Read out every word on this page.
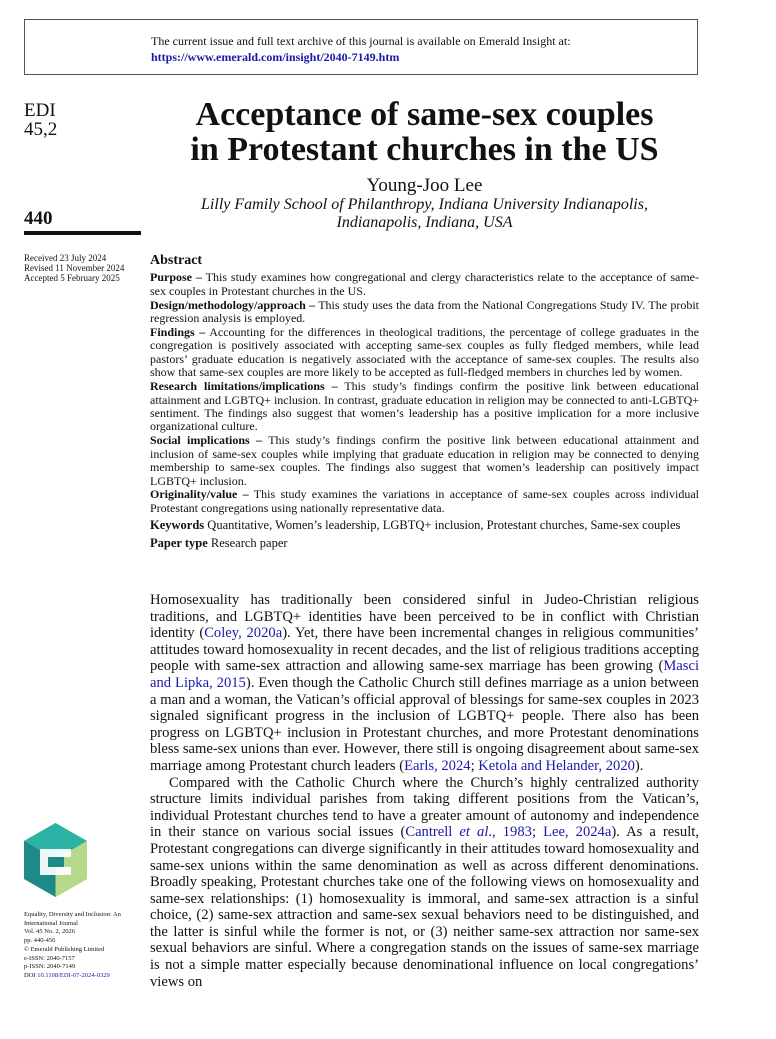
The current issue and full text archive of this journal is available on Emerald Insight at:
https://www.emerald.com/insight/2040-7149.htm
EDI
45,2
440
Received 23 July 2024
Revised 11 November 2024
Accepted 5 February 2025
Acceptance of same-sex couples
in Protestant churches in the US
Young-Joo Lee
Lilly Family School of Philanthropy, Indiana University Indianapolis,
Indianapolis, Indiana, USA
Abstract

Purpose – This study examines how congregational and clergy characteristics relate to the acceptance of same-sex couples in Protestant churches in the US.

Design/methodology/approach – This study uses the data from the National Congregations Study IV. The probit regression analysis is employed.

Findings – Accounting for the differences in theological traditions, the percentage of college graduates in the congregation is positively associated with accepting same-sex couples as fully fledged members, while lead pastors’ graduate education is negatively associated with the acceptance of same-sex couples. The results also show that same-sex couples are more likely to be accepted as full-fledged members in churches led by women.

Research limitations/implications – This study’s findings confirm the positive link between educational attainment and LGBTQ+ inclusion. In contrast, graduate education in religion may be connected to anti-LGBTQ+ sentiment. The findings also suggest that women’s leadership has a positive implication for a more inclusive organizational culture.

Social implications – This study’s findings confirm the positive link between educational attainment and inclusion of same-sex couples while implying that graduate education in religion may be connected to denying membership to same-sex couples. The findings also suggest that women’s leadership can positively impact LGBTQ+ inclusion.

Originality/value – This study examines the variations in acceptance of same-sex couples across individual Protestant congregations using nationally representative data.

Keywords Quantitative, Women’s leadership, LGBTQ+ inclusion, Protestant churches, Same-sex couples

Paper type Research paper

Homosexuality has traditionally been considered sinful in Judeo-Christian religious traditions, and LGBTQ+ identities have been perceived to be in conflict with Christian identity (Coley, 2020a). Yet, there have been incremental changes in religious communities’ attitudes toward homosexuality in recent decades, and the list of religious traditions accepting people with same-sex attraction and allowing same-sex marriage has been growing (Masci and Lipka, 2015). Even though the Catholic Church still defines marriage as a union between a man and a woman, the Vatican’s official approval of blessings for same-sex couples in 2023 signaled significant progress in the inclusion of LGBTQ+ people. There also has been progress on LGBTQ+ inclusion in Protestant churches, and more Protestant denominations bless same-sex unions than ever. However, there still is ongoing disagreement about same-sex marriage among Protestant church leaders (Earls, 2024; Ketola and Helander, 2020).

Compared with the Catholic Church where the Church’s highly centralized authority structure limits individual parishes from taking different positions from the Vatican’s, individual Protestant churches tend to have a greater amount of autonomy and independence in their stance on various social issues (Cantrell et al., 1983; Lee, 2024a). As a result, Protestant congregations can diverge significantly in their attitudes toward homosexuality and same-sex unions within the same denomination as well as across different denominations. Broadly speaking, Protestant churches take one of the following views on homosexuality and same-sex relationships: (1) homosexuality is immoral, and same-sex attraction is a sinful choice, (2) same-sex attraction and same-sex sexual behaviors need to be distinguished, and the latter is sinful while the former is not, or (3) neither same-sex attraction nor same-sex sexual behaviors are sinful. Where a congregation stands on the issues of same-sex marriage is not a simple matter especially because denominational influence on local congregations’ views on

Equality, Diversity and Inclusion: An International Journal
Vol. 45 No. 2, 2026
pp. 440-456
© Emerald Publishing Limited
e-ISSN: 2040-7157
p-ISSN: 2040-7149
DOI 10.1108/EDI-07-2024-0329
